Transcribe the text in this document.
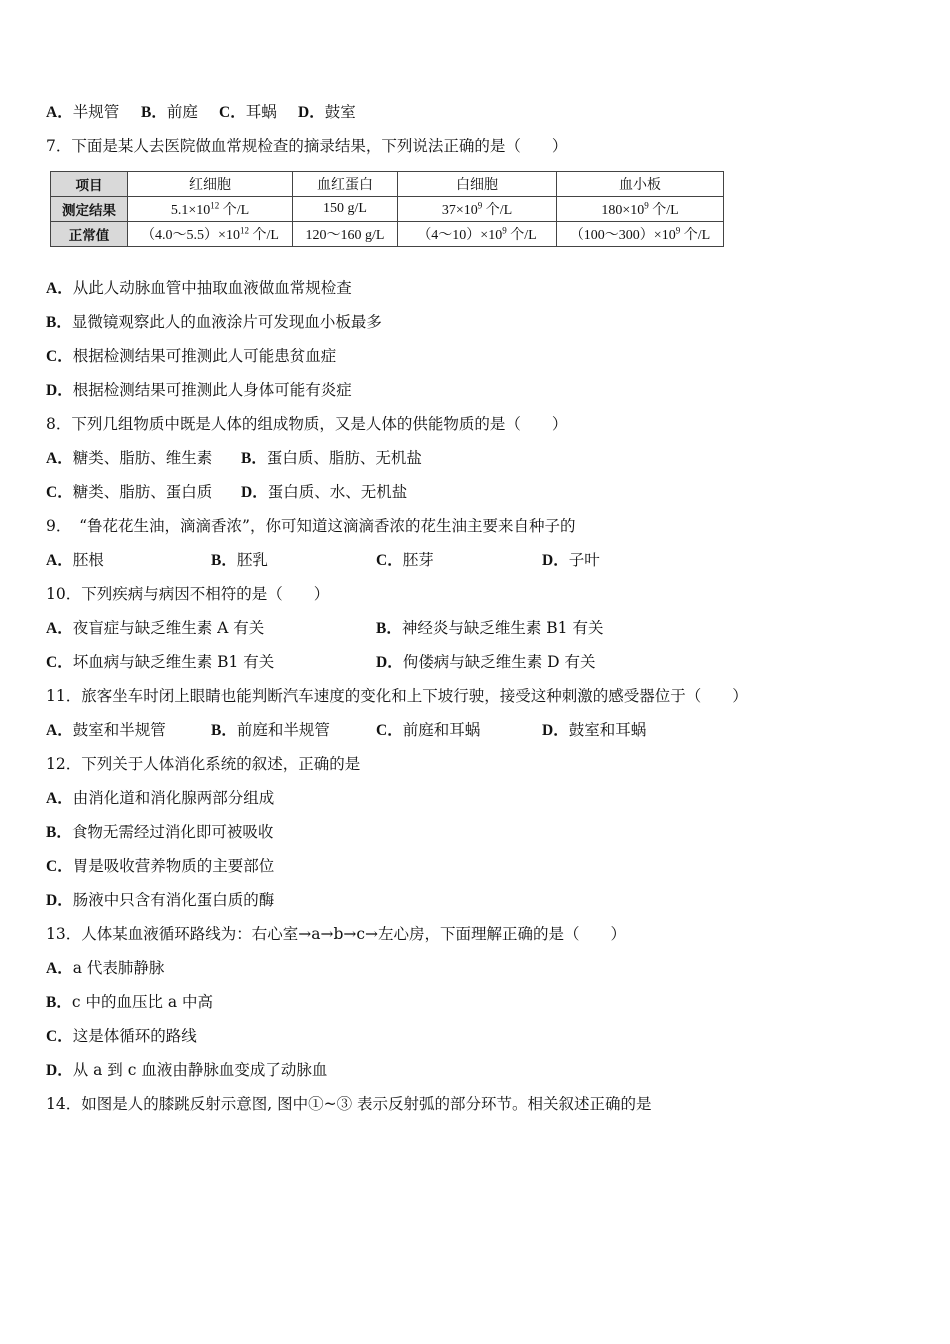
A．半规管 B．前庭 C．耳蜗 D．鼓室
7．下面是某人去医院做血常规检查的摘录结果，下列说法正确的是（　　）
项目	红细胞	血红蛋白	白细胞	血小板
测定结果	$5.1\times 10^{12}$ 个/L	150 g/L	$37\times 10^9$ 个/L	$180\times 10^9$ 个/L
正常值	$(4.0\sim 5.5)\times 10^{12}$ 个/L	120～160 g/L	$(4\sim 10)\times 10^9$ 个/L	$(100\sim 300)\times 10^9$ 个/L
A．从此人动脉血管中抽取血液做血常规检查
B．显微镜观察此人的血液涂片可发现血小板最多
C．根据检测结果可推测此人可能患贫血症
D．根据检测结果可推测此人身体可能有炎症
8．下列几组物质中既是人体的组成物质，又是人体的供能物质的是（　　）
A．糖类、脂肪、维生素 B．蛋白质、脂肪、无机盐
C．糖类、脂肪、蛋白质 D．蛋白质、水、无机盐
9．　“鲁花花生油，滴滴香浓”，你可知道这滴滴香浓的花生油主要来自种子的
A．胚根	B．胚乳	C．胚芽	D．子叶
10．下列疾病与病因不相符的是（　　）
A．夜盲症与缺乏维生素 A 有关	B．神经炎与缺乏维生素 B1 有关
C．坏血病与缺乏维生素 B1 有关	D．佝偻病与缺乏维生素 D 有关
11．旅客坐车时闭上眼睛也能判断汽车速度的变化和上下坡行驶，接受这种刺激的感受器位于（　　）
A．鼓室和半规管	B．前庭和半规管	C．前庭和耳蜗	D．鼓室和耳蜗
12．下列关于人体消化系统的叙述，正确的是
A．由消化道和消化腺两部分组成
B．食物无需经过消化即可被吸收
C．胃是吸收营养物质的主要部位
D．肠液中只含有消化蛋白质的酶
13．人体某血液循环路线为：右心室→a→b→c→左心房，下面理解正确的是（　　）
A．a 代表肺静脉
B．c 中的血压比 a 中高
C．这是体循环的路线
D．从 a 到 c 血液由静脉血变成了动脉血
14．如图是人的膝跳反射示意图, 图中①~③ 表示反射弧的部分环节。相关叙述正确的是
